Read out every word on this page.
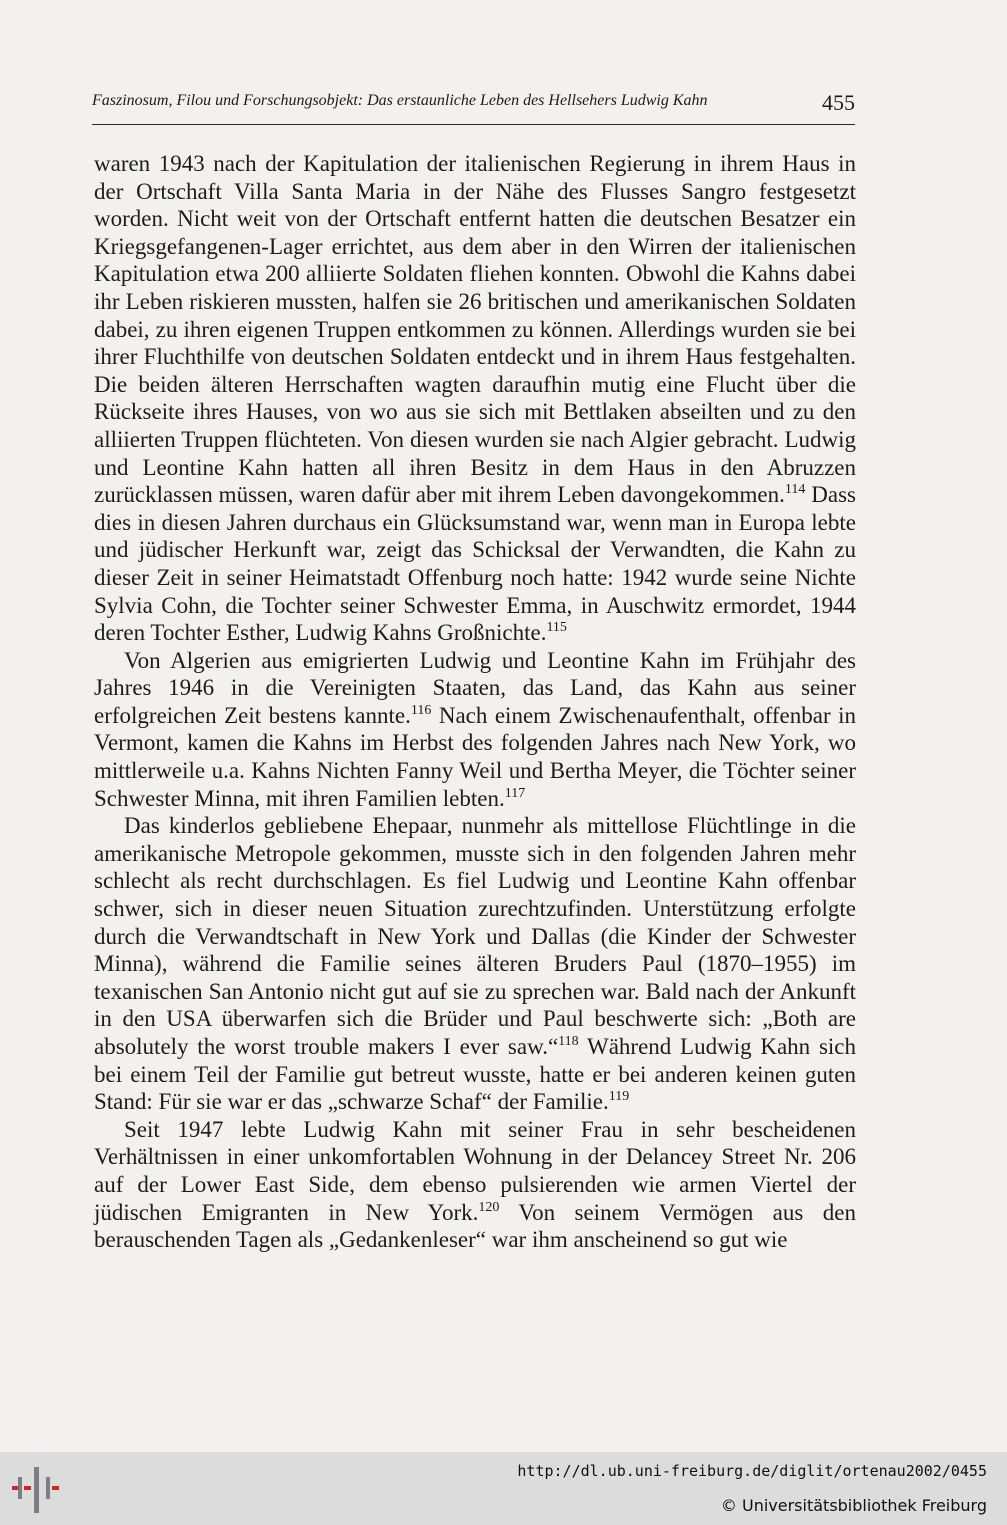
Faszinosum, Filou und Forschungsobjekt: Das erstaunliche Leben des Hellsehers Ludwig Kahn	455

waren 1943 nach der Kapitulation der italienischen Regierung in ihrem Haus in der Ortschaft Villa Santa Maria in der Nähe des Flusses Sangro festgesetzt worden. Nicht weit von der Ortschaft entfernt hatten die deutschen Besatzer ein Kriegsgefangenen-Lager errichtet, aus dem aber in den Wirren der italienischen Kapitulation etwa 200 alliierte Soldaten fliehen konnten. Obwohl die Kahns dabei ihr Leben riskieren mussten, halfen sie 26 britischen und amerikanischen Soldaten dabei, zu ihren eigenen Truppen entkommen zu können. Allerdings wurden sie bei ihrer Fluchthilfe von deutschen Soldaten entdeckt und in ihrem Haus festgehalten. Die beiden älteren Herrschaften wagten daraufhin mutig eine Flucht über die Rückseite ihres Hauses, von wo aus sie sich mit Bettlaken abseilten und zu den alliierten Truppen flüchteten. Von diesen wurden sie nach Algier gebracht. Ludwig und Leontine Kahn hatten all ihren Besitz in dem Haus in den Abruzzen zurücklassen müssen, waren dafür aber mit ihrem Leben davongekommen.$^{114}$ Dass dies in diesen Jahren durchaus ein Glücksumstand war, wenn man in Europa lebte und jüdischer Herkunft war, zeigt das Schicksal der Verwandten, die Kahn zu dieser Zeit in seiner Heimatstadt Offenburg noch hatte: 1942 wurde seine Nichte Sylvia Cohn, die Tochter seiner Schwester Emma, in Auschwitz ermordet, 1944 deren Tochter Esther, Ludwig Kahns Großnichte.$^{115}$

Von Algerien aus emigrierten Ludwig und Leontine Kahn im Frühjahr des Jahres 1946 in die Vereinigten Staaten, das Land, das Kahn aus seiner erfolgreichen Zeit bestens kannte.$^{116}$ Nach einem Zwischenaufenthalt, offenbar in Vermont, kamen die Kahns im Herbst des folgenden Jahres nach New York, wo mittlerweile u.a. Kahns Nichten Fanny Weil und Bertha Meyer, die Töchter seiner Schwester Minna, mit ihren Familien lebten.$^{117}$

Das kinderlos gebliebene Ehepaar, nunmehr als mittellose Flüchtlinge in die amerikanische Metropole gekommen, musste sich in den folgenden Jahren mehr schlecht als recht durchschlagen. Es fiel Ludwig und Leontine Kahn offenbar schwer, sich in dieser neuen Situation zurechtzufinden. Unterstützung erfolgte durch die Verwandtschaft in New York und Dallas (die Kinder der Schwester Minna), während die Familie seines älteren Bruders Paul (1870–1955) im texanischen San Antonio nicht gut auf sie zu sprechen war. Bald nach der Ankunft in den USA überwarfen sich die Brüder und Paul beschwerte sich: „Both are absolutely the worst trouble makers I ever saw.“$^{118}$ Während Ludwig Kahn sich bei einem Teil der Familie gut betreut wusste, hatte er bei anderen keinen guten Stand: Für sie war er das „schwarze Schaf“ der Familie.$^{119}$

Seit 1947 lebte Ludwig Kahn mit seiner Frau in sehr bescheidenen Verhältnissen in einer unkomfortablen Wohnung in der Delancey Street Nr. 206 auf der Lower East Side, dem ebenso pulsierenden wie armen Viertel der jüdischen Emigranten in New York.$^{120}$ Von seinem Vermögen aus den berauschenden Tagen als „Gedankenleser“ war ihm anscheinend so gut wie

http://dl.ub.uni-freiburg.de/diglit/ortenau2002/0455
© Universitätsbibliothek Freiburg
